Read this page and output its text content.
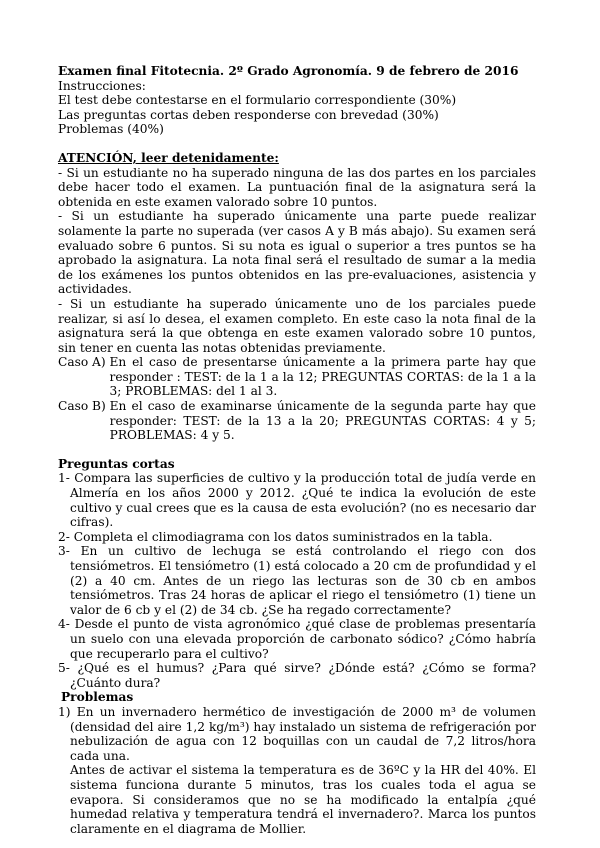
Examen final Fitotecnia. 2º Grado Agronomía. 9 de febrero de 2016

Instrucciones:

El test debe contestarse en el formulario correspondiente (30%)

Las preguntas cortas deben responderse con brevedad (30%)

Problemas (40%)

ATENCIÓN, leer detenidamente:

- Si un estudiante no ha superado ninguna de las dos partes en los parciales debe hacer todo el examen. La puntuación final de la asignatura será la obtenida en este examen valorado sobre 10 puntos.

- Si un estudiante ha superado únicamente una parte puede realizar solamente la parte no superada (ver casos A y B más abajo). Su examen será evaluado sobre 6 puntos. Si su nota es igual o superior a tres puntos se ha aprobado la asignatura. La nota final será el resultado de sumar a la media de los exámenes los puntos obtenidos en las pre-evaluaciones, asistencia y actividades.

- Si un estudiante ha superado únicamente uno de los parciales puede realizar, si así lo desea, el examen completo. En este caso la nota final de la asignatura será la que obtenga en este examen valorado sobre 10 puntos, sin tener en cuenta las notas obtenidas previamente.

Caso A) En el caso de presentarse únicamente a la primera parte hay que responder : TEST: de la 1 a la 12; PREGUNTAS CORTAS: de la 1 a la 3; PROBLEMAS: del 1 al 3.
Caso B) En el caso de examinarse únicamente de la segunda parte hay que responder: TEST: de la 13 a la 20; PREGUNTAS CORTAS: 4 y 5; PROBLEMAS: 4 y 5.

Preguntas cortas

1- Compara las superficies de cultivo y la producción total de judía verde en Almería en los años 2000 y 2012. ¿Qué te indica la evolución de este cultivo y cual crees que es la causa de esta evolución? (no es necesario dar cifras).

2- Completa el climodiagrama con los datos suministrados en la tabla.

3- En un cultivo de lechuga se está controlando el riego con dos tensiómetros. El tensiómetro (1) está colocado a 20 cm de profundidad y el (2) a 40 cm. Antes de un riego las lecturas son de 30 cb en ambos tensiómetros. Tras 24 horas de aplicar el riego el tensiómetro (1) tiene un valor de 6 cb y el (2) de 34 cb. ¿Se ha regado correctamente?

4- Desde el punto de vista agronómico ¿qué clase de problemas presentaría un suelo con una elevada proporción de carbonato sódico? ¿Cómo habría que recuperarlo para el cultivo?

5- ¿Qué es el humus? ¿Para qué sirve? ¿Dónde está? ¿Cómo se forma? ¿Cuánto dura?

Problemas

1) En un invernadero hermético de investigación de 2000 m³ de volumen (densidad del aire 1,2 kg/m³) hay instalado un sistema de refrigeración por nebulización de agua con 12 boquillas con un caudal de 7,2 litros/hora cada una.

Antes de activar el sistema la temperatura es de 36ºC y la HR del 40%. El sistema funciona durante 5 minutos, tras los cuales toda el agua se evapora. Si consideramos que no se ha modificado la entalpía ¿qué humedad relativa y temperatura tendrá el invernadero?. Marca los puntos claramente en el diagrama de Mollier.
